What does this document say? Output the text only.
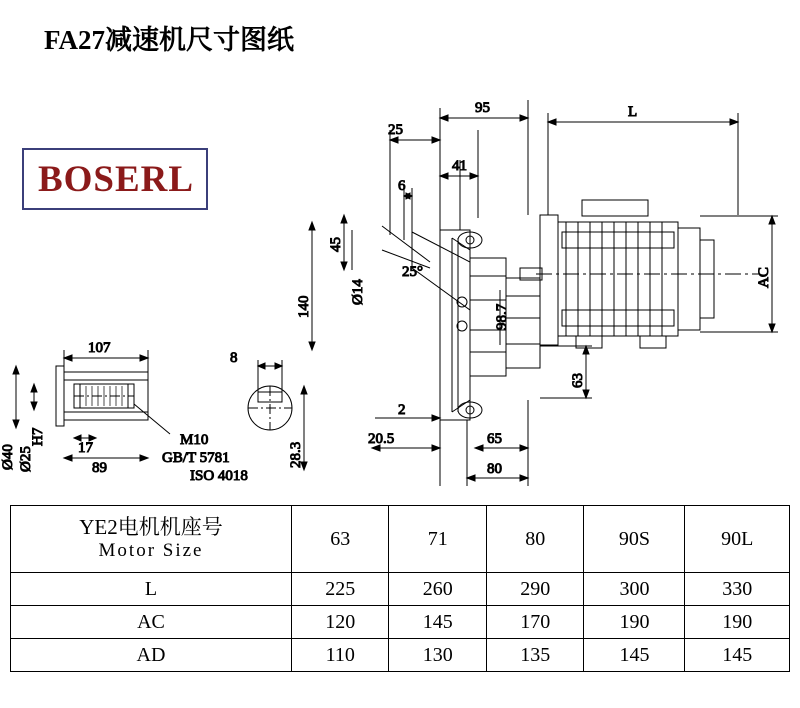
FA27减速机尺寸图纸
BOSERL
95	L
25
41
6
45
140
Ø14
25°
98.7
AC
63
2
20.5	65
80
Ø40 Ø25
H7
107
17
89
M10
GB/T 5781
ISO 4018
8
28.3
YE2电机机座号
Motor Size	63	71	80	90S	90L
L	225	260	290	300	330
AC	120	145	170	190	190
AD	110	130	135	145	145
